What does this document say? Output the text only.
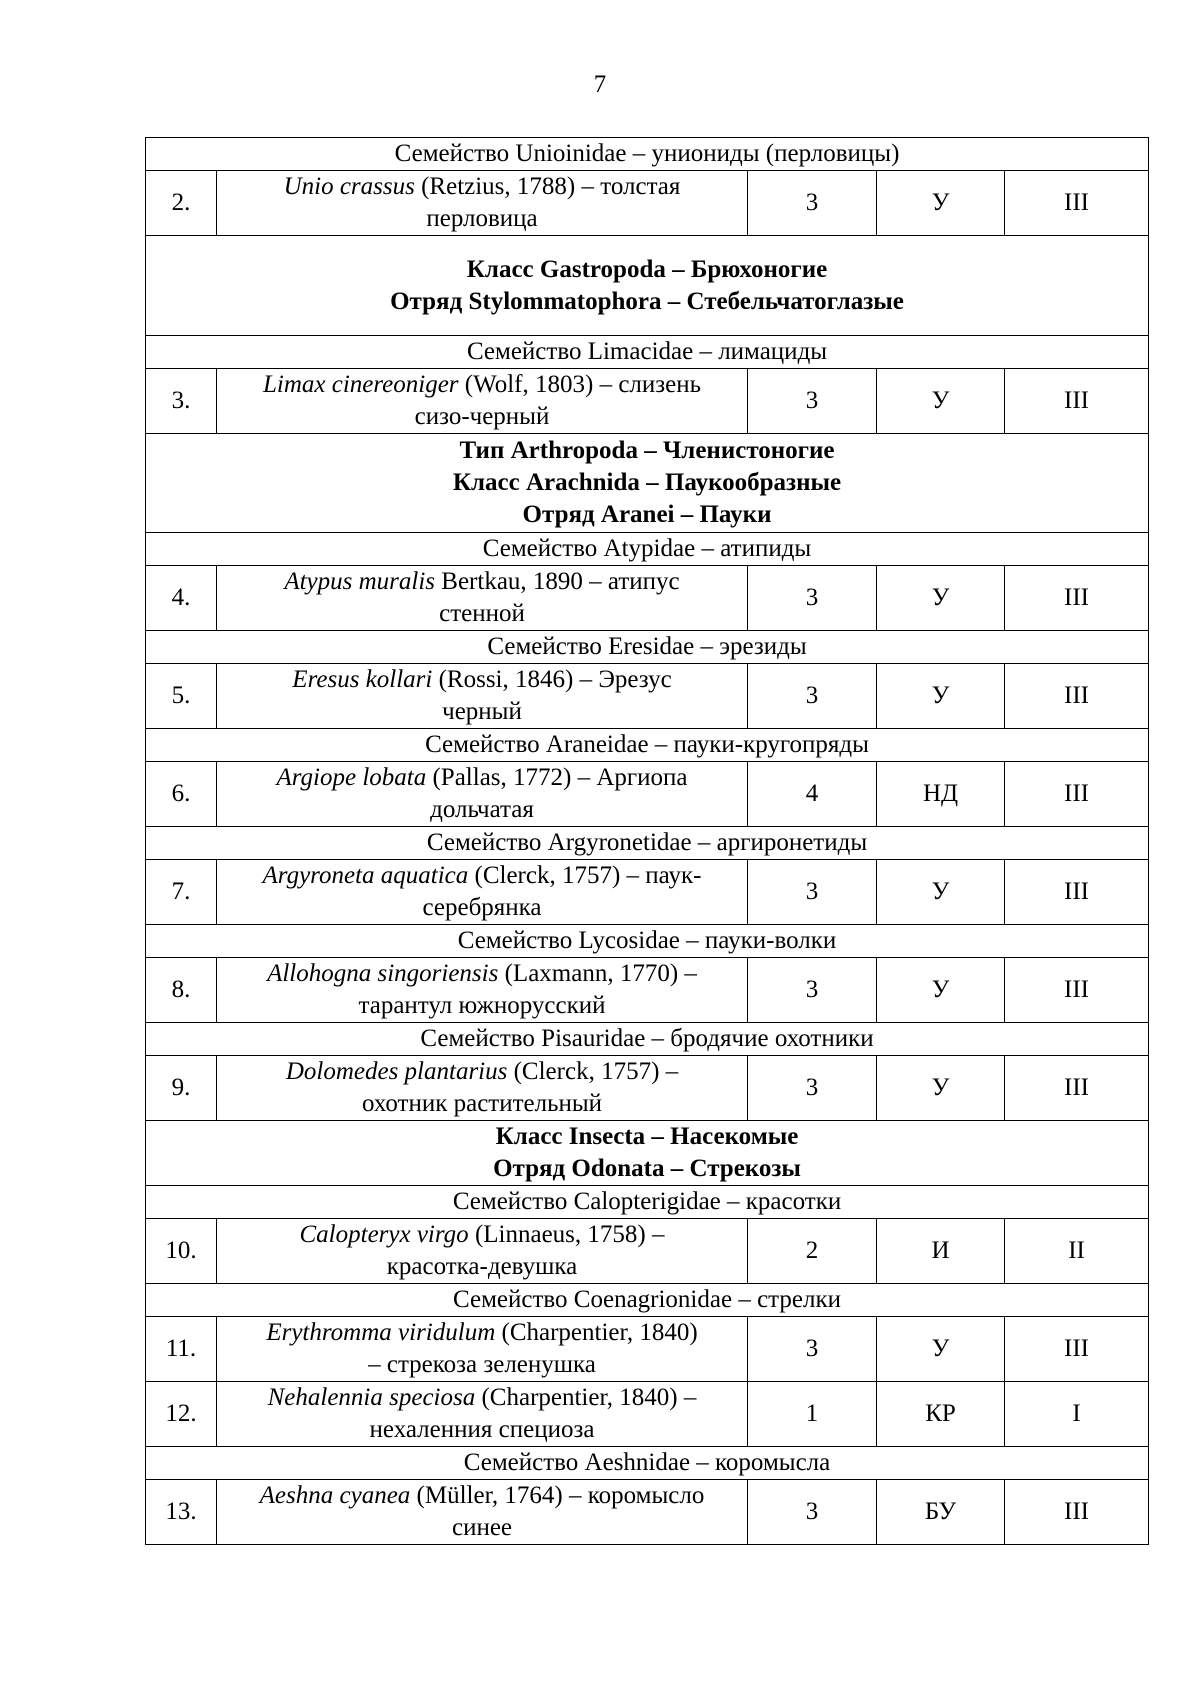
7
Семейство Unioinidae – униониды (перловицы)				
2.	Unio crassus (Retzius, 1788) – толстая
перловица	3	У	III

Класс Gastropoda – Брюхоногие
Отряд Stylommatophora – Стебельчатоглазые				

Семейство Limacidae – лимациды				
3.	Limax cinereoniger (Wolf, 1803) – слизень
сизо-черный	3	У	III

Тип Arthropoda – Членистоногие
Класс Arachnida – Паукообразные
Отряд Aranei – Пауки				

Семейство Atypidae – атипиды				
4.	Atypus muralis Bertkau, 1890 – атипус
стенной	3	У	III
Семейство Eresidae – эрезиды				
5.	Eresus kollari (Rossi, 1846) – Эрезус
черный	3	У	III
Семейство Araneidae – пауки-кругопряды				
6.	Argiope lobata (Pallas, 1772) – Аргиопа
дольчатая	4	НД	III
Семейство Argyronetidae – аргиронетиды				
7.	Argyroneta aquatica (Clerck, 1757) – паук-
серебрянка	3	У	III
Семейство Lycosidae – пауки-волки				
8.	Allohogna singoriensis (Laxmann, 1770) –
тарантул южнорусский	3	У	III
Семейство Pisauridae – бродячие охотники				
9.	Dolomedes plantarius (Clerck, 1757) –
охотник растительный	3	У	III

Класс Insecta – Насекомые
Отряд Odonata – Стрекозы				

Семейство Calopterigidae – красотки				
10.	Calopteryx virgo (Linnaeus, 1758) –
красотка-девушка	2	И	II
Семейство Coenagrionidae – стрелки				
11.	Erythromma viridulum (Charpentier, 1840)
– стрекоза зеленушка	3	У	III
12.	Nehalennia speciosa (Charpentier, 1840) –
нехаленния специоза	1	КР	I
Семейство Aeshnidae – коромысла				
13.	Aeshna cyanea (Müller, 1764) – коромысло
синее	3	БУ	III
